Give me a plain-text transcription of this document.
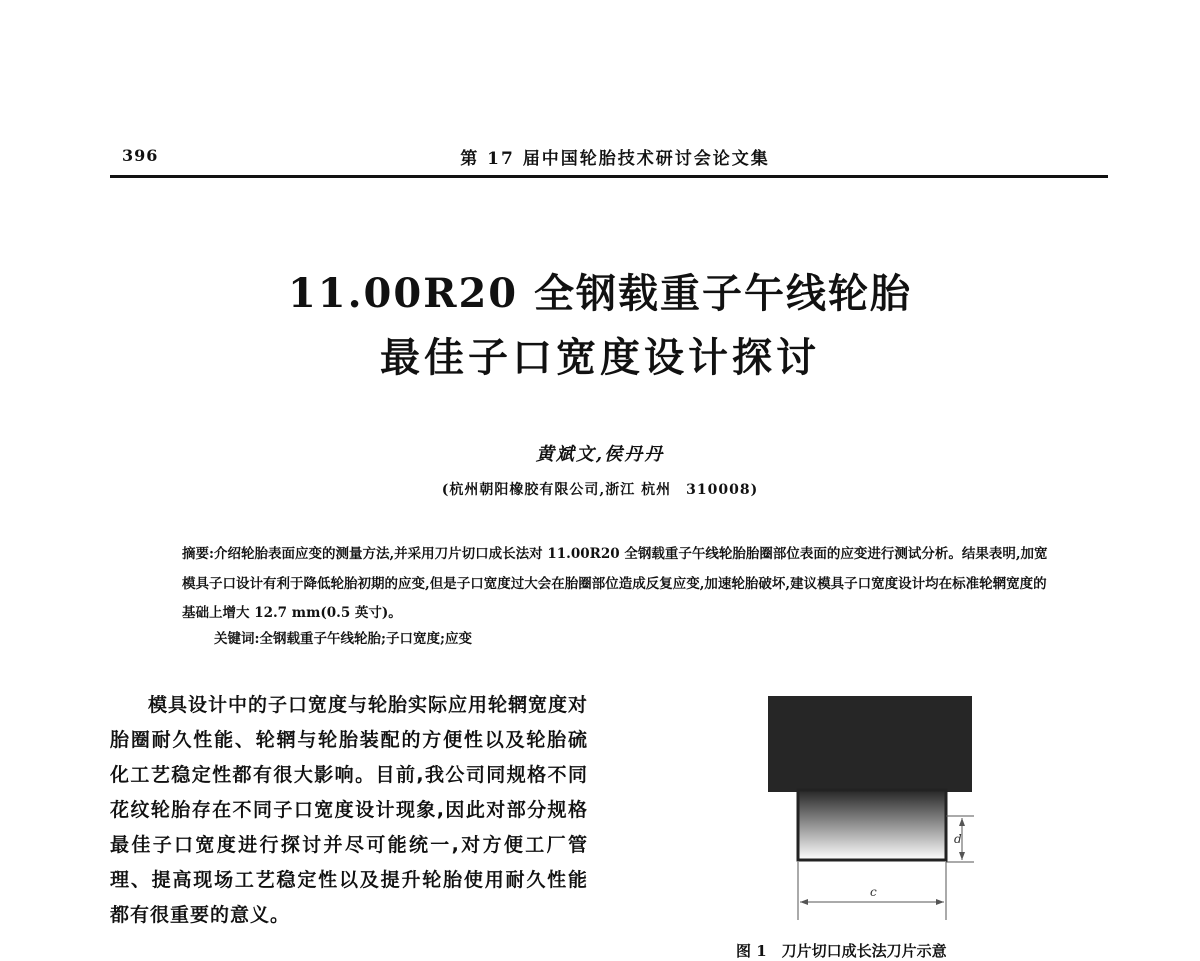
396	第 17 届中国轮胎技术研讨会论文集
11.00R20 全钢载重子午线轮胎
最佳子口宽度设计探讨
黄斌文,侯丹丹
(杭州朝阳橡胶有限公司,浙江 杭州　310008)
摘要:介绍轮胎表面应变的测量方法,并采用刀片切口成长法对 11.00R20 全钢载重子午线轮胎胎圈部位表面的应变进行测试分析。结果表明,加宽模具子口设计有利于降低轮胎初期的应变,但是子口宽度过大会在胎圈部位造成反复应变,加速轮胎破坏,建议模具子口宽度设计均在标准轮辋宽度的基础上增大 12.7 mm(0.5 英寸)。
关键词:全钢载重子午线轮胎;子口宽度;应变
模具设计中的子口宽度与轮胎实际应用轮辋宽度对胎圈耐久性能、轮辋与轮胎装配的方便性以及轮胎硫化工艺稳定性都有很大影响。目前,我公司同规格不同花纹轮胎存在不同子口宽度设计现象,因此对部分规格最佳子口宽度进行探讨并尽可能统一,对方便工厂管理、提高现场工艺稳定性以及提升轮胎使用耐久性能都有很重要的意义。
d
c
图 1　刀片切口成长法刀片示意
